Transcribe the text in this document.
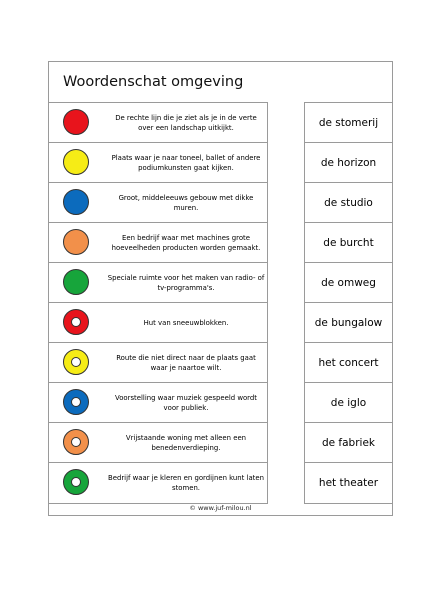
Woordenschat omgeving
De rechte lijn die je ziet als je in de verte over een landschap uitkijkt.
Plaats waar je naar toneel, ballet of andere podiumkunsten gaat kijken.
Groot, middeleeuws gebouw met dikke muren.
Een bedrijf waar met machines grote hoeveelheden producten worden gemaakt.
Speciale ruimte voor het maken van radio- of tv-programma's.
Hut van sneeuwblokken.
Route die niet direct naar de plaats gaat waar je naartoe wilt.
Voorstelling waar muziek gespeeld wordt voor publiek.
Vrijstaande woning met alleen een benedenverdieping.
Bedrijf waar je kleren en gordijnen kunt laten stomen.
de stomerij
de horizon
de studio
de burcht
de omweg
de bungalow
het concert
de iglo
de fabriek
het theater
© www.juf-milou.nl
